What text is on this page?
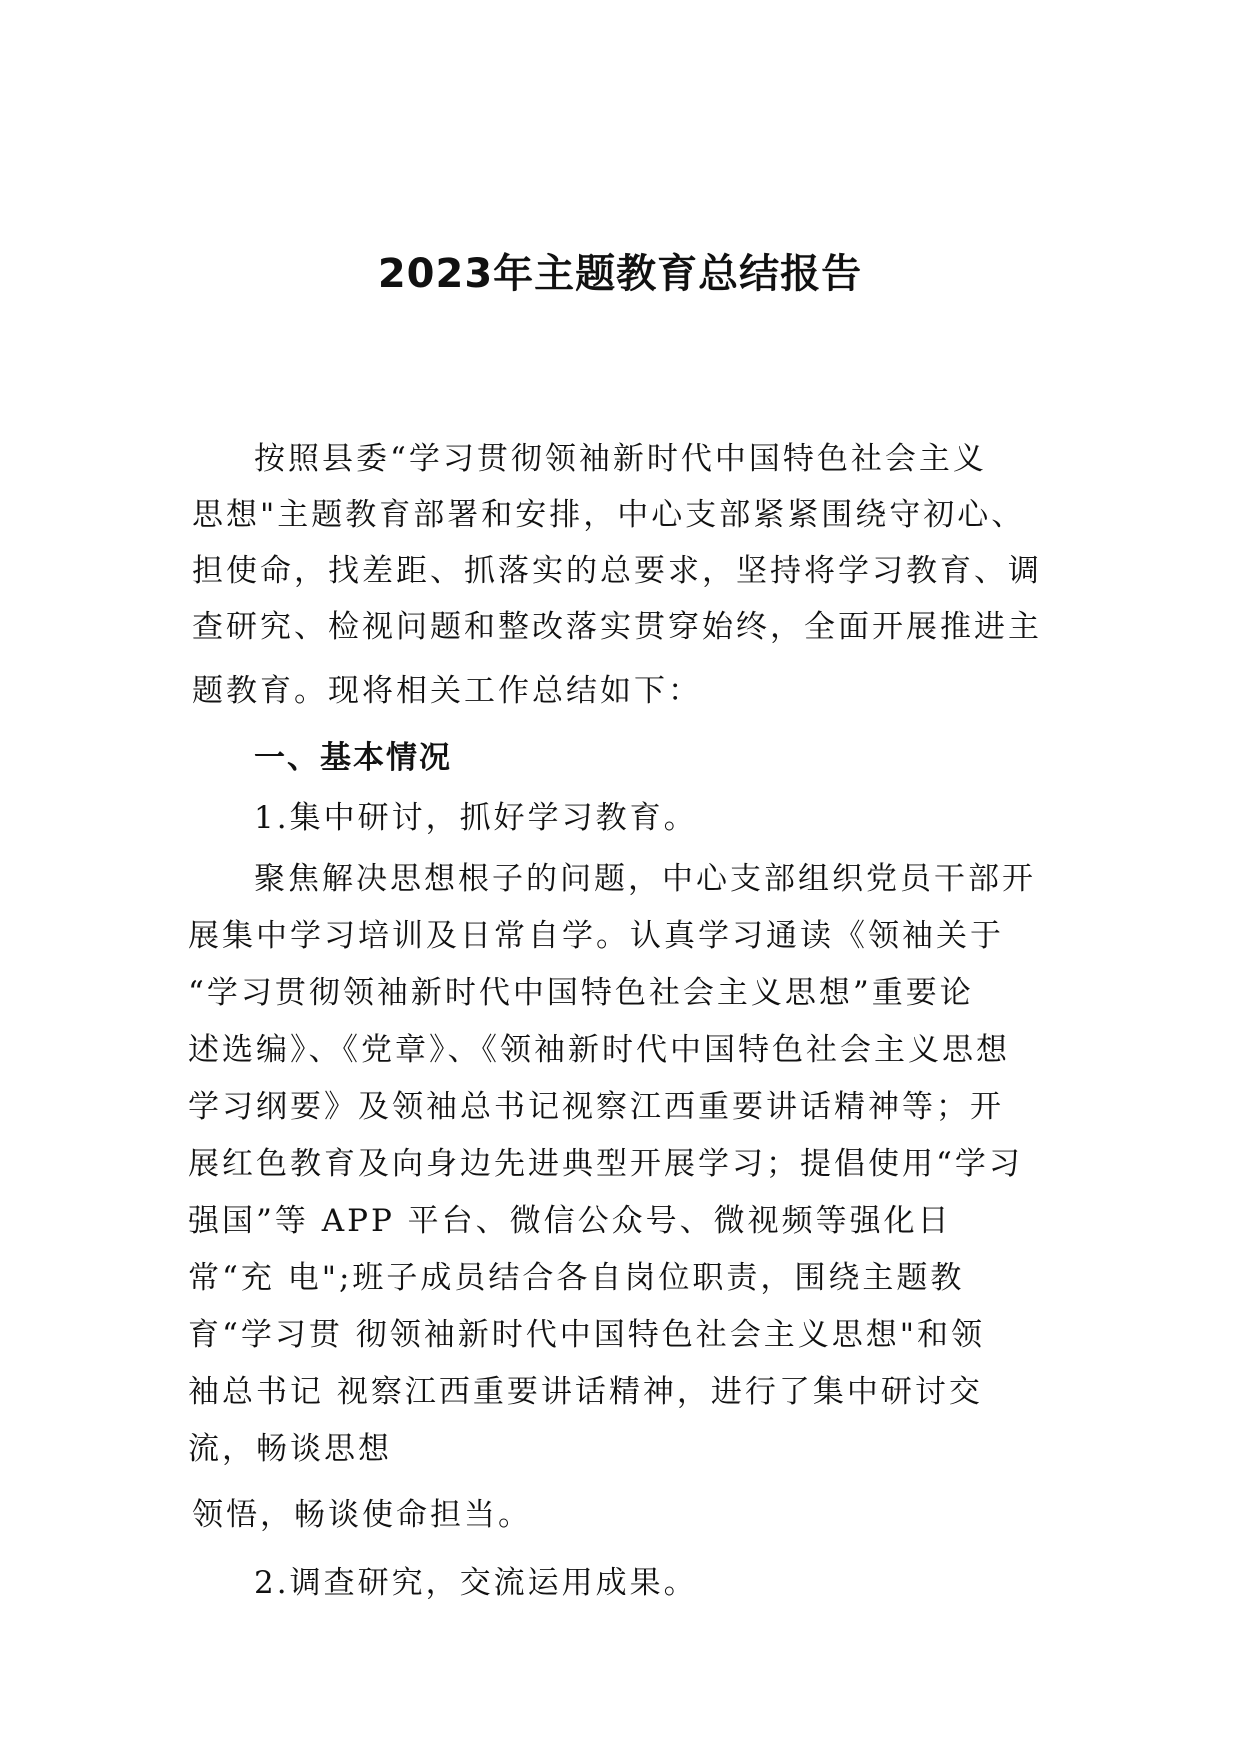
2023年主题教育总结报告

按照县委“学习贯彻领袖新时代中国特色社会主义

思想"主题教育部署和安排，中心支部紧紧围绕守初心、

担使命，找差距、抓落实的总要求，坚持将学习教育、调

查研究、检视问题和整改落实贯穿始终，全面开展推进主

题教育。现将相关工作总结如下：

一、基本情况

1.集中研讨，抓好学习教育。

聚焦解决思想根子的问题，中心支部组织党员干部开

展集中学习培训及日常自学。认真学习通读《领袖关于

“学习贯彻领袖新时代中国特色社会主义思想”重要论

述选编》、《党章》、《领袖新时代中国特色社会主义思想

学习纲要》及领袖总书记视察江西重要讲话精神等；开

展红色教育及向身边先进典型开展学习；提倡使用“学习

强国”等 APP 平台、微信公众号、微视频等强化日

常“充 电";班子成员结合各自岗位职责，围绕主题教

育“学习贯 彻领袖新时代中国特色社会主义思想"和领

袖总书记 视察江西重要讲话精神，进行了集中研讨交

流，畅谈思想

领悟，畅谈使命担当。

2.调查研究，交流运用成果。
